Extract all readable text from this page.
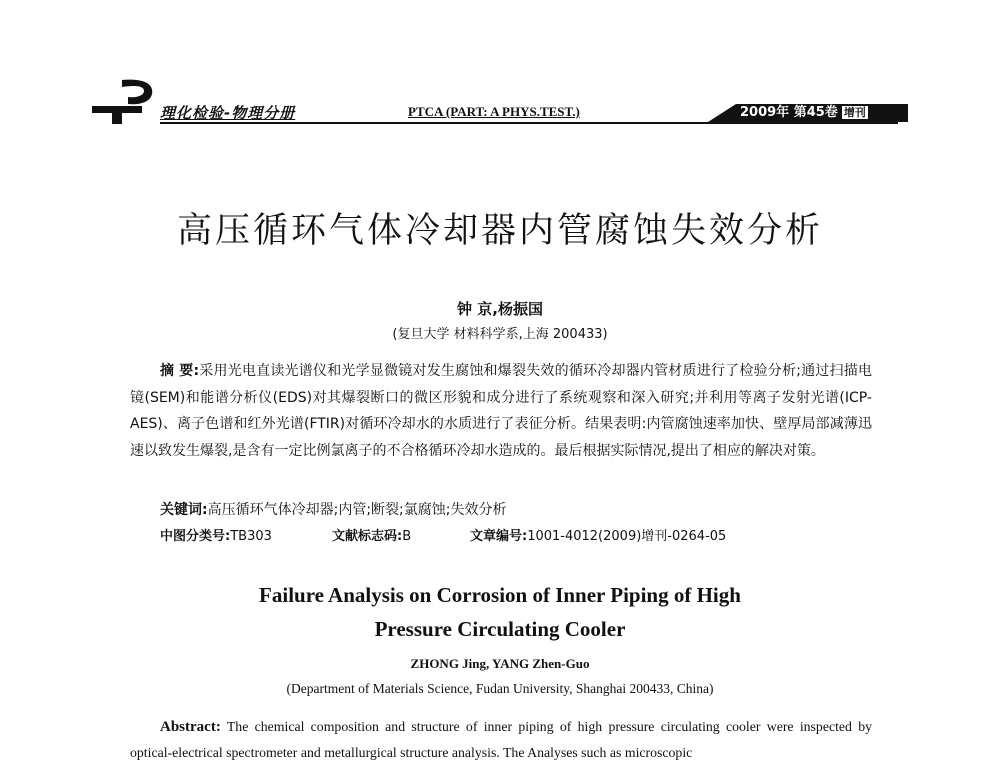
理化检验-物理分册	PTCA (PART: A PHYS.TEST.)	2009年 第45卷 增刊
高压循环气体冷却器内管腐蚀失效分析
钟 京,杨振国
(复旦大学 材料科学系,上海 200433)
摘 要:采用光电直读光谱仪和光学显微镜对发生腐蚀和爆裂失效的循环冷却器内管材质进行了检验分析;通过扫描电镜(SEM)和能谱分析仪(EDS)对其爆裂断口的微区形貌和成分进行了系统观察和深入研究;并利用等离子发射光谱(ICP-AES)、离子色谱和红外光谱(FTIR)对循环冷却水的水质进行了表征分析。结果表明:内管腐蚀速率加快、壁厚局部减薄迅速以致发生爆裂,是含有一定比例氯离子的不合格循环冷却水造成的。最后根据实际情况,提出了相应的解决对策。
关键词:高压循环气体冷却器;内管;断裂;氯腐蚀;失效分析
中图分类号:TB303	文献标志码:B	文章编号:1001-4012(2009)增刊-0264-05
Failure Analysis on Corrosion of Inner Piping of High
Pressure Circulating Cooler
ZHONG Jing, YANG Zhen-Guo
(Department of Materials Science, Fudan University, Shanghai 200433, China)
Abstract: The chemical composition and structure of inner piping of high pressure circulating cooler were inspected by optical-electrical spectrometer and metallurgical structure analysis. The Analyses such as microscopic
